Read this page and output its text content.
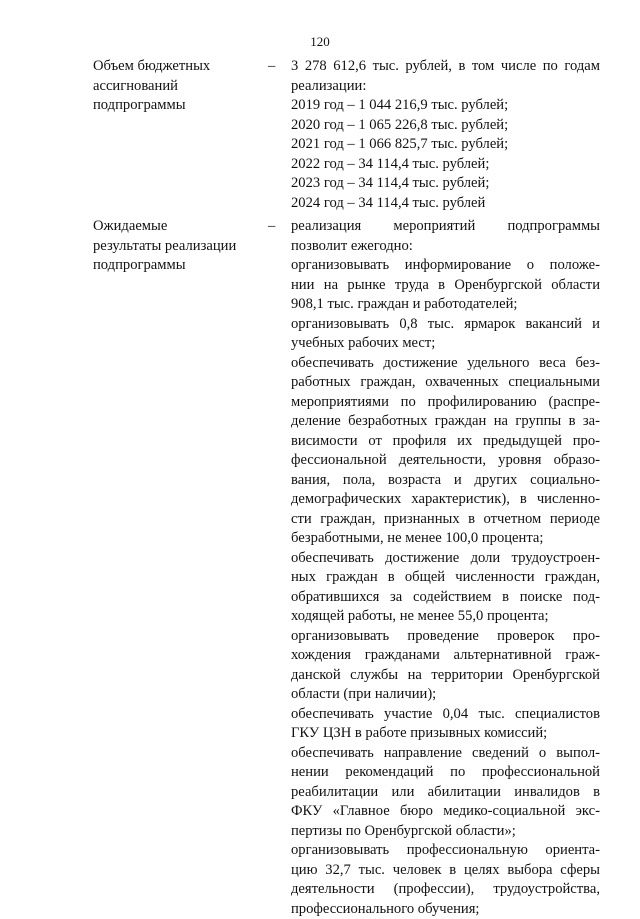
120
Объем бюджетных
ассигнований
подпрограммы
– 3 278 612,6 тыс. рублей, в том числе по годам
реализации:
2019 год – 1 044 216,9 тыс. рублей;
2020 год – 1 065 226,8 тыс. рублей;
2021 год – 1 066 825,7 тыс. рублей;
2022 год – 34 114,4 тыс. рублей;
2023 год – 34 114,4 тыс. рублей;
2024 год – 34 114,4 тыс. рублей
Ожидаемые
результаты реализации
подпрограммы
– реализация мероприятий подпрограммы
позволит ежегодно:
организовывать информирование о положе-
нии на рынке труда в Оренбургской области
908,1 тыс. граждан и работодателей;
организовывать 0,8 тыс. ярмарок вакансий и
учебных рабочих мест;
обеспечивать достижение удельного веса без-
работных граждан, охваченных специальными
мероприятиями по профилированию (распре-
деление безработных граждан на группы в за-
висимости от профиля их предыдущей про-
фессиональной деятельности, уровня образо-
вания, пола, возраста и других социально-
демографических характеристик), в численно-
сти граждан, признанных в отчетном периоде
безработными, не менее 100,0 процента;
обеспечивать достижение доли трудоустроен-
ных граждан в общей численности граждан,
обратившихся за содействием в поиске под-
ходящей работы, не менее 55,0 процента;
организовывать проведение проверок про-
хождения гражданами альтернативной граж-
данской службы на территории Оренбургской
области (при наличии);
обеспечивать участие 0,04 тыс. специалистов
ГКУ ЦЗН в работе призывных комиссий;
обеспечивать направление сведений о выпол-
нении рекомендаций по профессиональной
реабилитации или абилитации инвалидов в
ФКУ «Главное бюро медико-социальной экс-
пертизы по Оренбургской области»;
организовывать профессиональную ориента-
цию 32,7 тыс. человек в целях выбора сферы
деятельности (профессии), трудоустройства,
профессионального обучения;
